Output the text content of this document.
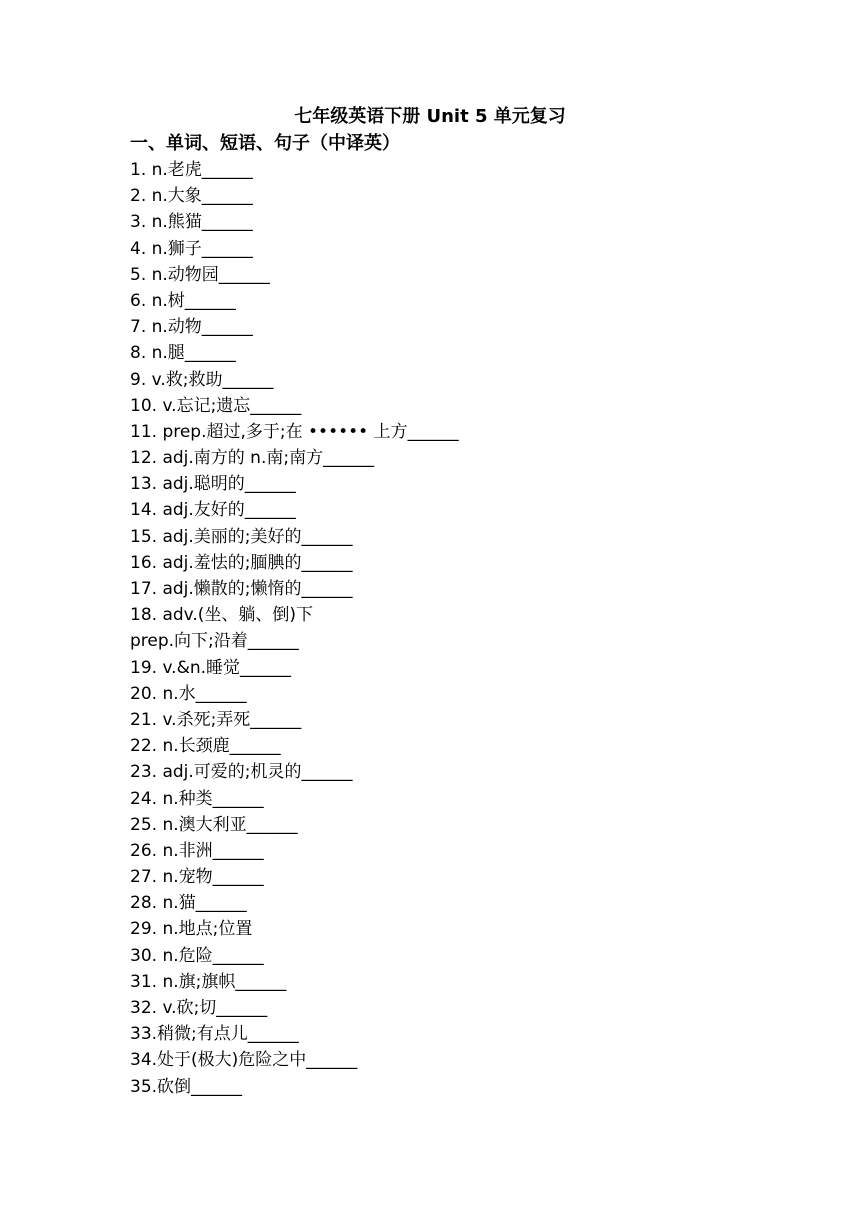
七年级英语下册 Unit 5 单元复习
一、单词、短语、句子（中译英）
1. n.老虎______
2. n.大象______
3. n.熊猫______
4. n.狮子______
5. n.动物园______
6. n.树______
7. n.动物______
8. n.腿______
9. v.救;救助______
10. v.忘记;遗忘______
11. prep.超过,多于;在 •••••• 上方______
12. adj.南方的 n.南;南方______
13. adj.聪明的______
14. adj.友好的______
15. adj.美丽的;美好的______
16. adj.羞怯的;腼腆的______
17. adj.懒散的;懒惰的______
18. adv.(坐、躺、倒)下
prep.向下;沿着______
19. v.&n.睡觉______
20. n.水______
21. v.杀死;弄死______
22. n.长颈鹿______
23. adj.可爱的;机灵的______
24. n.种类______
25. n.澳大利亚______
26. n.非洲______
27. n.宠物______
28. n.猫______
29. n.地点;位置
30. n.危险______
31. n.旗;旗帜______
32. v.砍;切______
33.稍微;有点儿______
34.处于(极大)危险之中______
35.砍倒______
